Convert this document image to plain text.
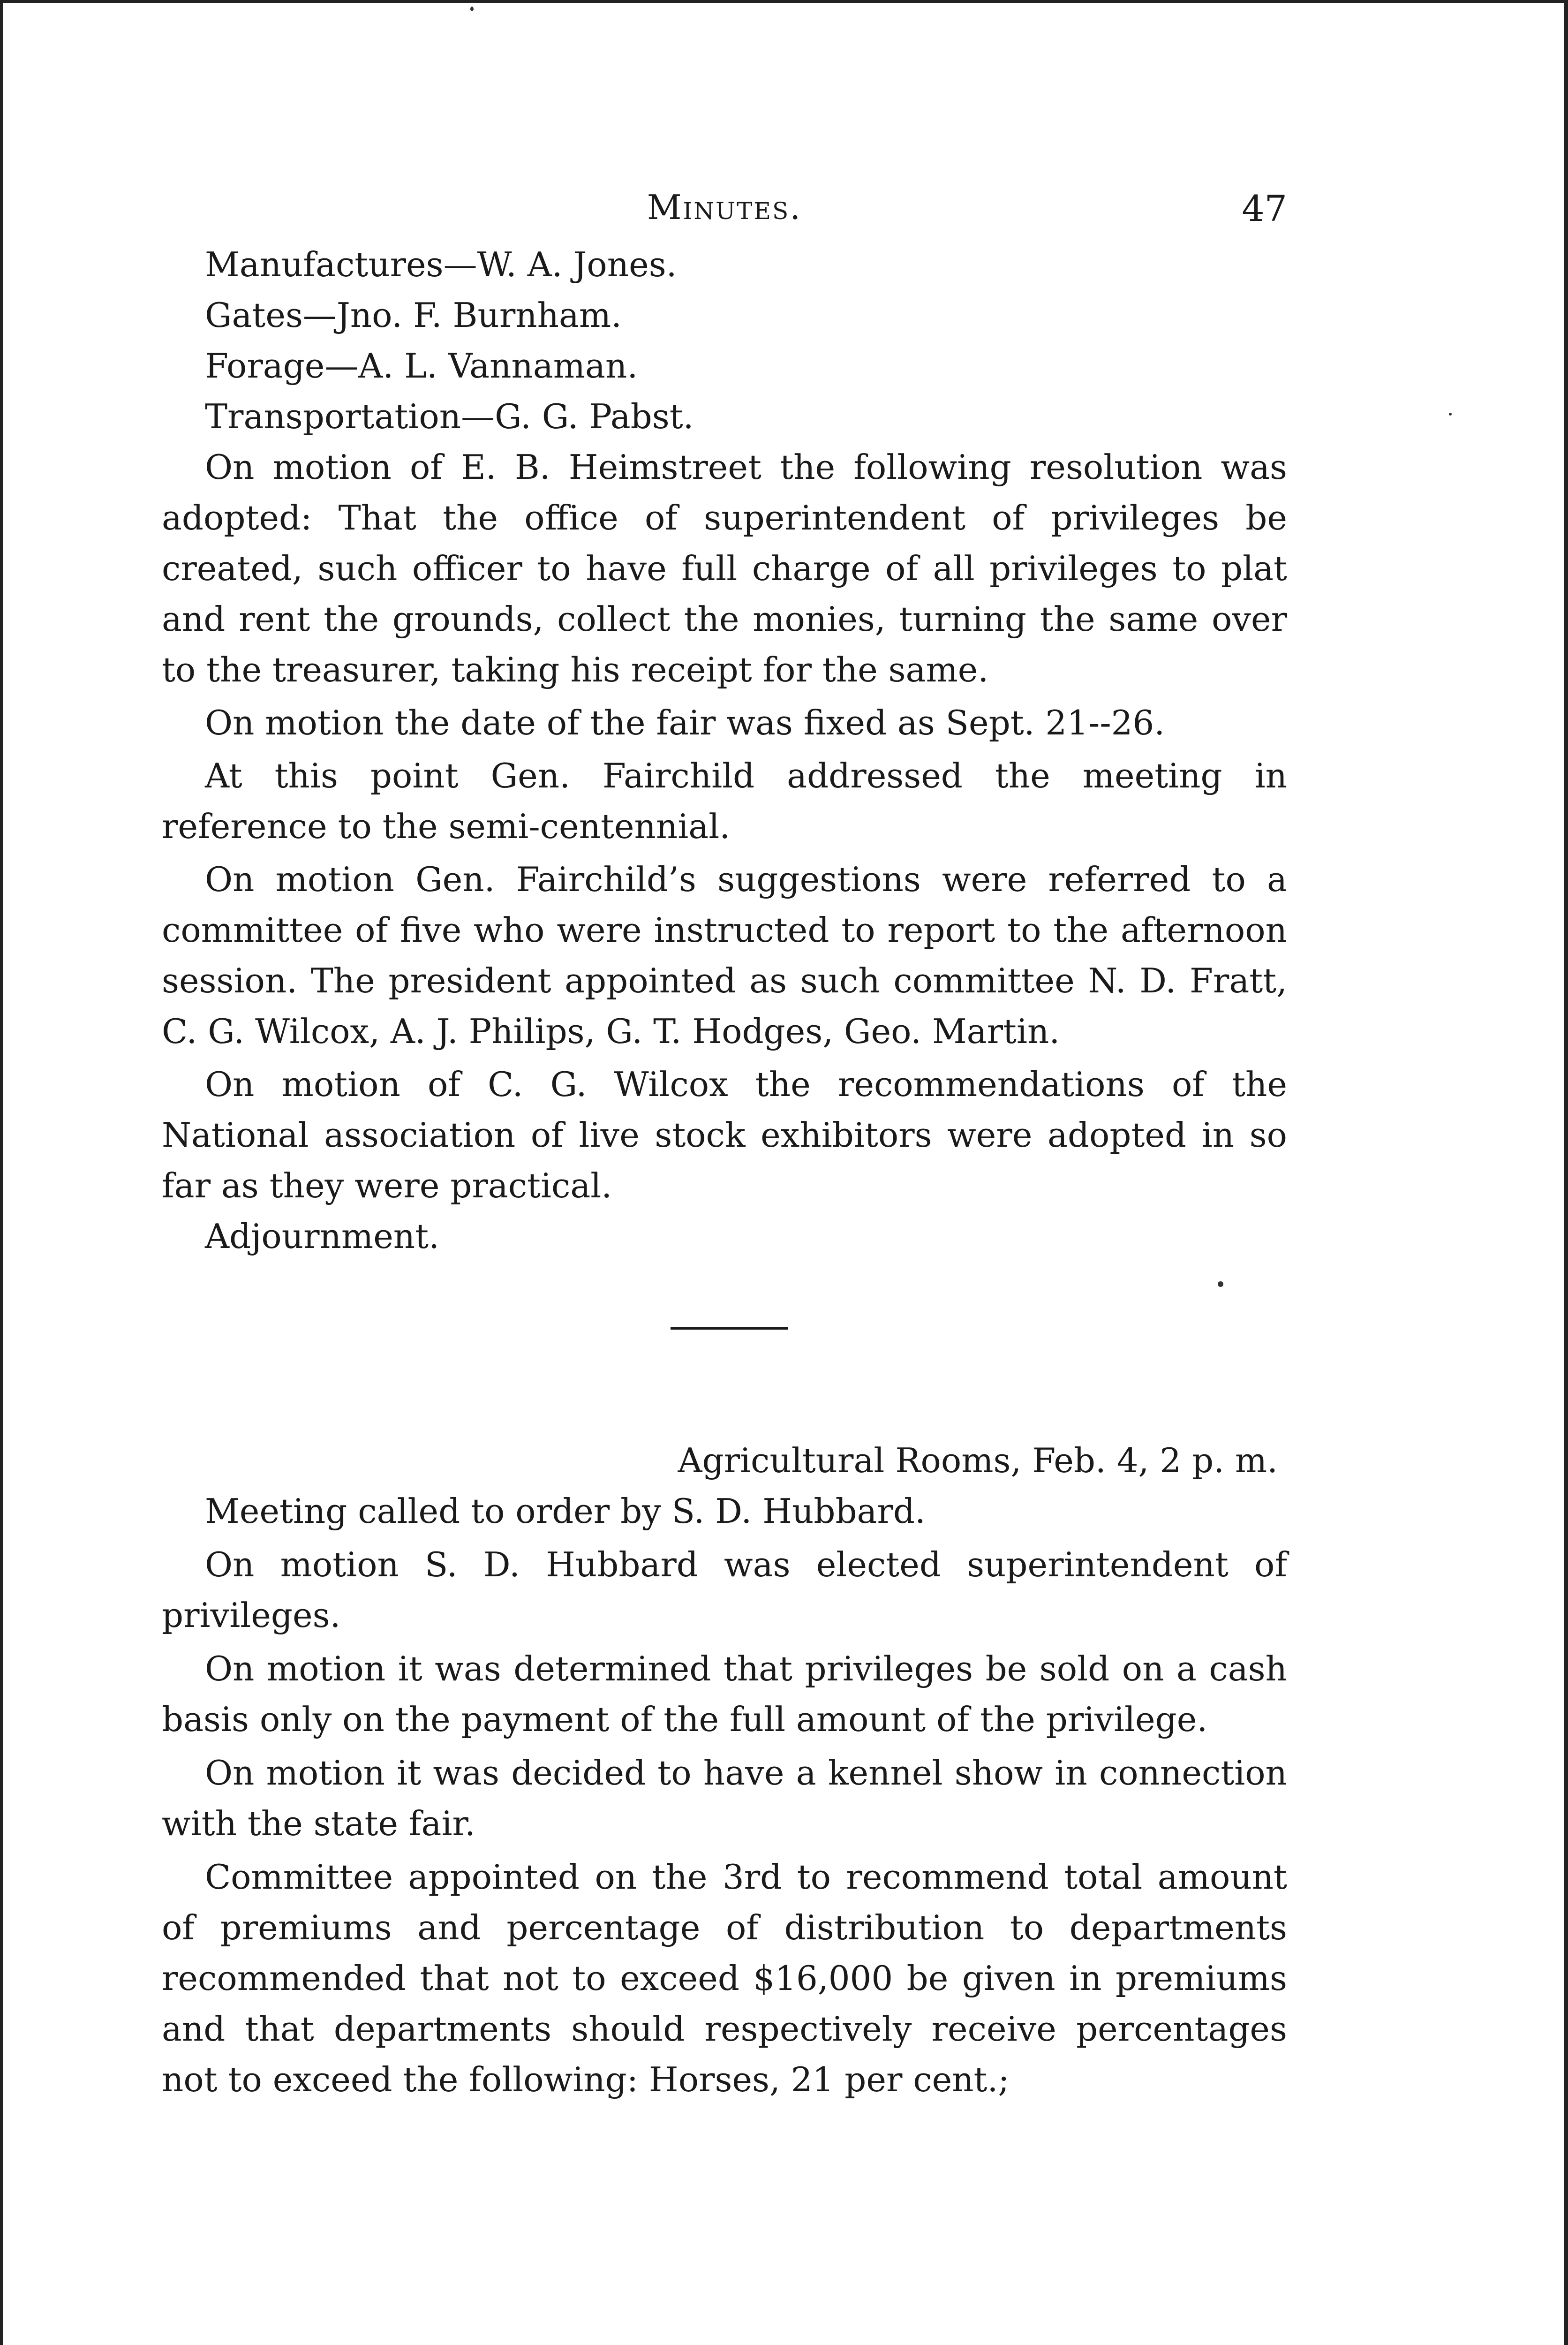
Minutes.	47

Manufactures—W. A. Jones.

Gates—Jno. F. Burnham.

Forage—A. L. Vannaman.

Transportation—G. G. Pabst.

On motion of E. B. Heimstreet the following resolution was adopted: That the office of superintendent of privileges be created, such officer to have full charge of all privileges to plat and rent the grounds, collect the monies, turning the same over to the treasurer, taking his receipt for the same.

On motion the date of the fair was fixed as Sept. 21--26.

At this point Gen. Fairchild addressed the meeting in reference to the semi-centennial.

On motion Gen. Fairchild’s suggestions were referred to a committee of five who were instructed to report to the afternoon session. The president appointed as such committee N. D. Fratt, C. G. Wilcox, A. J. Philips, G. T. Hodges, Geo. Martin.

On motion of C. G. Wilcox the recommendations of the National association of live stock exhibitors were adopted in so far as they were practical.

Adjournment.

Agricultural Rooms, Feb. 4, 2 p. m.

Meeting called to order by S. D. Hubbard.

On motion S. D. Hubbard was elected superintendent of privileges.

On motion it was determined that privileges be sold on a cash basis only on the payment of the full amount of the privilege.

On motion it was decided to have a kennel show in connection with the state fair.

Committee appointed on the 3rd to recommend total amount of premiums and percentage of distribution to departments recommended that not to exceed $16,000 be given in premiums and that departments should respectively receive percentages not to exceed the following: Horses, 21 per cent.;
